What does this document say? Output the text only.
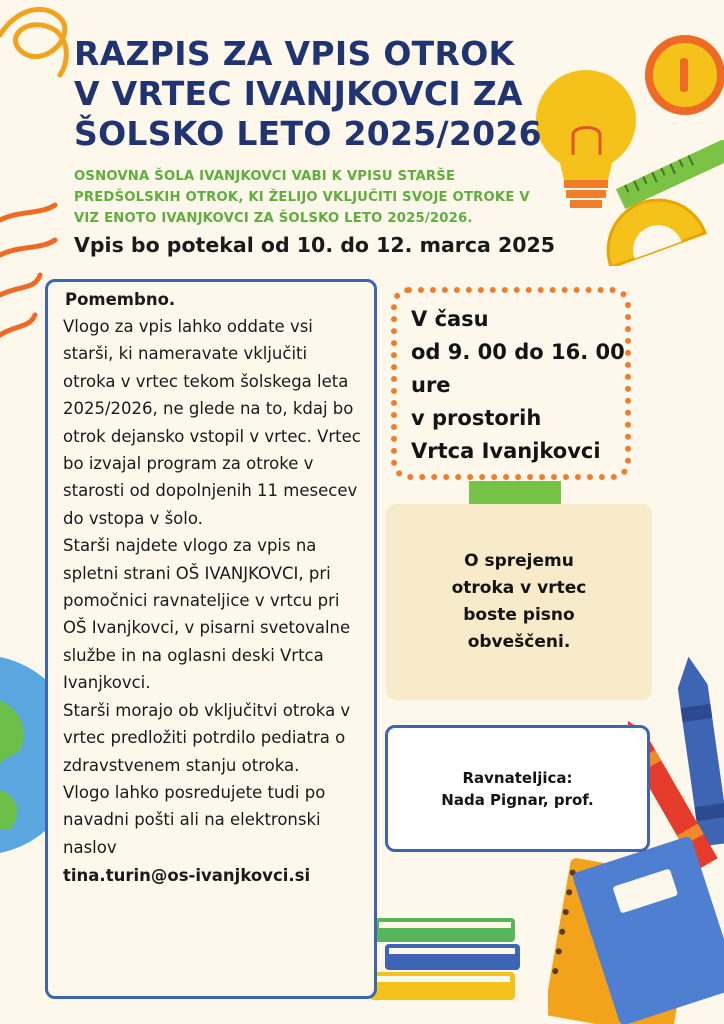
RAZPIS ZA VPIS OTROK V VRTEC IVANJKOVCI ZA ŠOLSKO LETO 2025/2026

OSNOVNA ŠOLA IVANJKOVCI VABI K VPISU STARŠE PREDŠOLSKIH OTROK, KI ŽELIJO VKLJUČITI SVOJE OTROKE V VIZ ENOTO IVANJKOVCI ZA ŠOLSKO LETO 2025/2026.

Vpis bo potekal od 10. do 12. marca 2025

Pomembno.

Vlogo za vpis lahko oddate vsi starši, ki nameravate vključiti otroka v vrtec tekom šolskega leta 2025/2026, ne glede na to, kdaj bo otrok dejansko vstopil v vrtec. Vrtec bo izvajal program za otroke v starosti od dopolnjenih 11 mesecev do vstopa v šolo.

Starši najdete vlogo za vpis na spletni strani OŠ IVANJKOVCI, pri pomočnici ravnateljice v vrtcu pri OŠ Ivanjkovci, v pisarni svetovalne službe in na oglasni deski Vrtca Ivanjkovci.

Starši morajo ob vključitvi otroka v vrtec predložiti potrdilo pediatra o zdravstvenem stanju otroka.

Vlogo lahko posredujete tudi po navadni pošti ali na elektronski naslov

tina.turin@os-ivanjkovci.si

V času
od 9. 00 do 16. 00
ure
v prostorih
Vrtca Ivanjkovci

O sprejemu

otroka v vrtec

boste pisno

obveščeni.

Ravnateljica:

Nada Pignar, prof.
